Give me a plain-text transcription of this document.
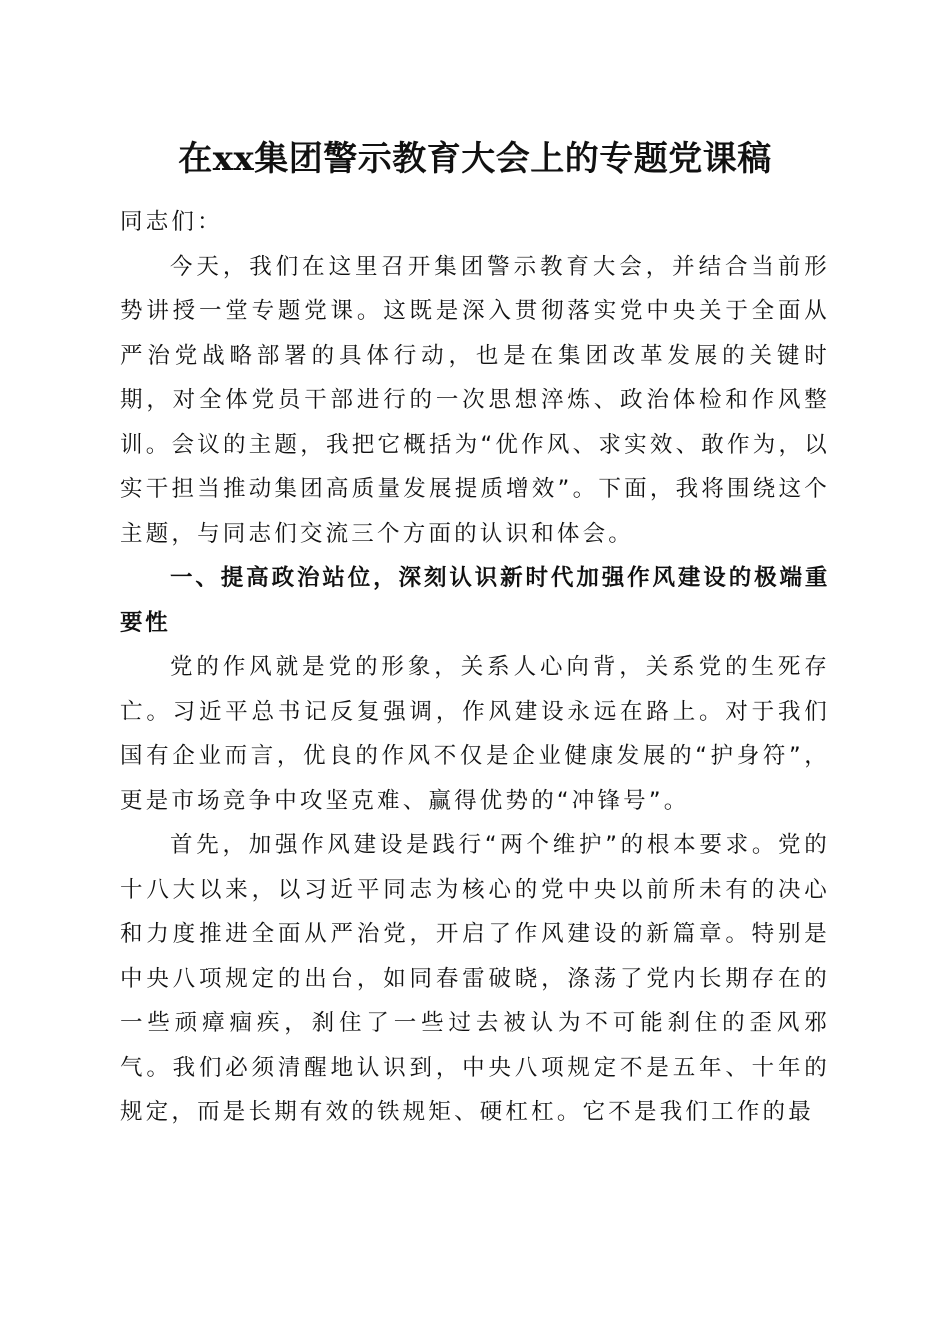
在xx集团警示教育大会上的专题党课稿

同志们：

今天，我们在这里召开集团警示教育大会，并结合当前形势讲授一堂专题党课。这既是深入贯彻落实党中央关于全面从严治党战略部署的具体行动，也是在集团改革发展的关键时期，对全体党员干部进行的一次思想淬炼、政治体检和作风整训。会议的主题，我把它概括为“优作风、求实效、敢作为，以实干担当推动集团高质量发展提质增效”。下面，我将围绕这个主题，与同志们交流三个方面的认识和体会。

一、提高政治站位，深刻认识新时代加强作风建设的极端重要性

党的作风就是党的形象，关系人心向背，关系党的生死存亡。习近平总书记反复强调，作风建设永远在路上。对于我们国有企业而言，优良的作风不仅是企业健康发展的“护身符”，更是市场竞争中攻坚克难、赢得优势的“冲锋号”。

首先，加强作风建设是践行“两个维护”的根本要求。党的十八大以来，以习近平同志为核心的党中央以前所未有的决心和力度推进全面从严治党，开启了作风建设的新篇章。特别是中央八项规定的出台，如同春雷破晓，涤荡了党内长期存在的一些顽瘴痼疾，刹住了一些过去被认为不可能刹住的歪风邪气。我们必须清醒地认识到，中央八项规定不是五年、十年的规定，而是长期有效的铁规矩、硬杠杠。它不是我们工作的最
